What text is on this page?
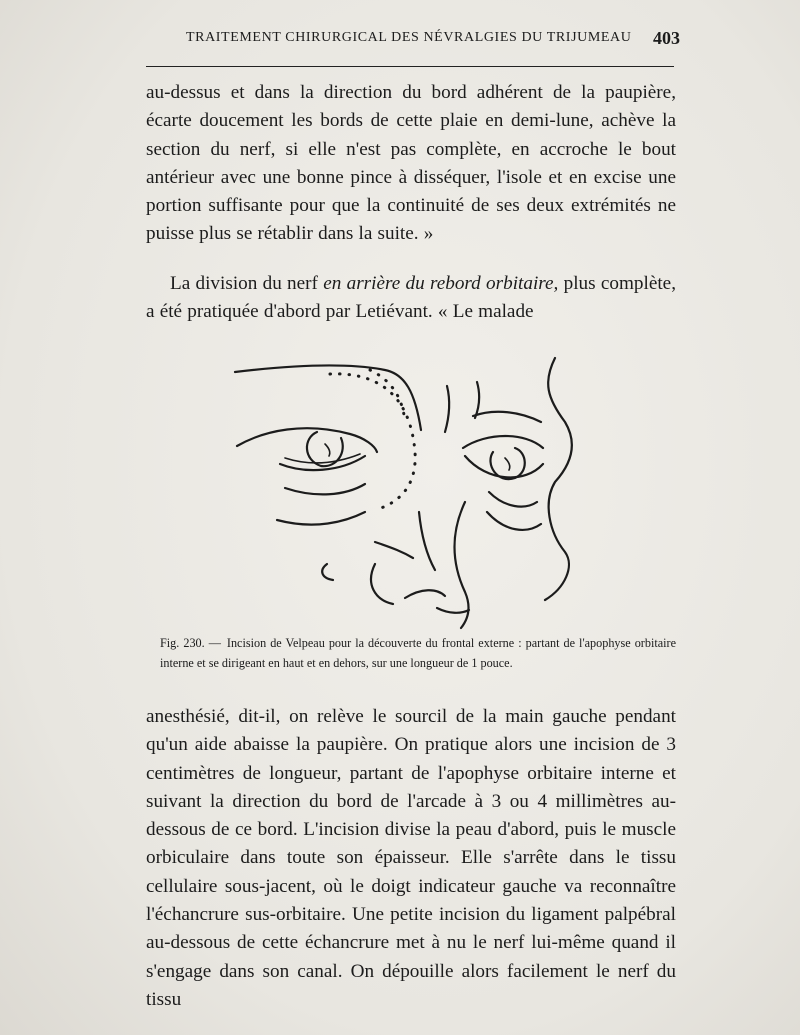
TRAITEMENT CHIRURGICAL DES NÉVRALGIES DU TRIJUMEAU 403

au-dessus et dans la direction du bord adhérent de la paupière, écarte doucement les bords de cette plaie en demi-lune, achève la section du nerf, si elle n'est pas complète, en accroche le bout antérieur avec une bonne pince à disséquer, l'isole et en excise une portion suffisante pour que la continuité de ses deux extrémités ne puisse plus se rétablir dans la suite. »

La division du nerf en arrière du rebord orbitaire, plus complète, a été pratiquée d'abord par Letiévant. « Le malade

Fig. 230. — Incision de Velpeau pour la découverte du frontal externe : partant de l'apophyse orbitaire interne et se dirigeant en haut et en dehors, sur une longueur de 1 pouce.

anesthésié, dit-il, on relève le sourcil de la main gauche pendant qu'un aide abaisse la paupière. On pratique alors une incision de 3 centimètres de longueur, partant de l'apophyse orbitaire interne et suivant la direction du bord de l'arcade à 3 ou 4 millimètres au-dessous de ce bord. L'incision divise la peau d'abord, puis le muscle orbiculaire dans toute son épaisseur. Elle s'arrête dans le tissu cellulaire sous-jacent, où le doigt indicateur gauche va reconnaître l'échancrure sus-orbitaire. Une petite incision du ligament palpébral au-dessous de cette échancrure met à nu le nerf lui-même quand il s'engage dans son canal. On dépouille alors facilement le nerf du tissu
